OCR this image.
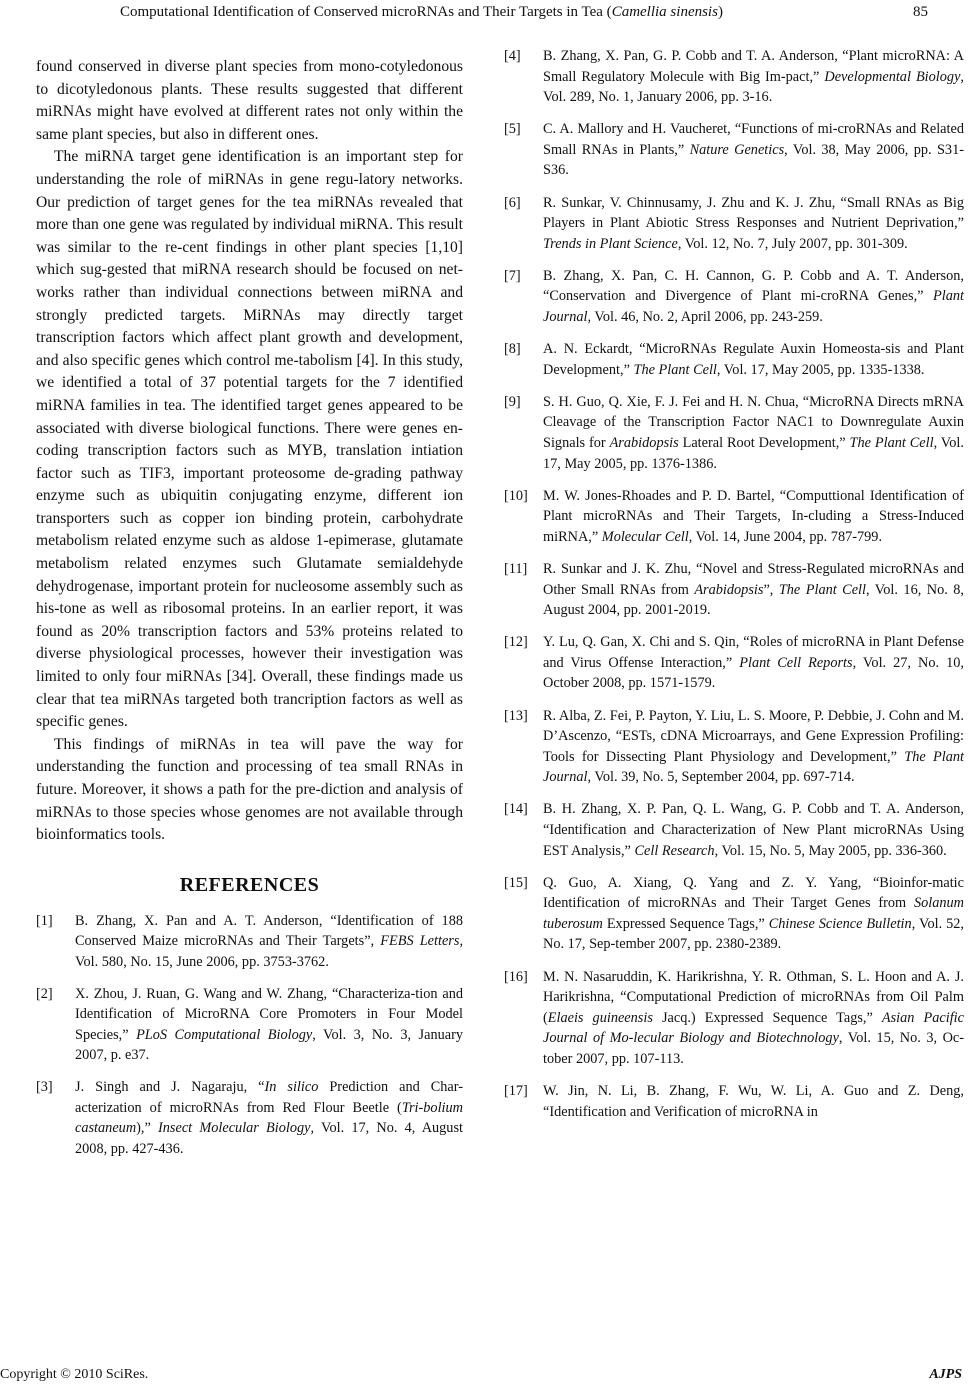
Computational Identification of Conserved microRNAs and Their Targets in Tea (Camellia sinensis)	85

found conserved in diverse plant species from mono-cotyledonous to dicotyledonous plants. These results suggested that different miRNAs might have evolved at different rates not only within the same plant species, but also in different ones.

The miRNA target gene identification is an important step for understanding the role of miRNAs in gene regu-latory networks. Our prediction of target genes for the tea miRNAs revealed that more than one gene was regulated by individual miRNA. This result was similar to the re-cent findings in other plant species [1,10] which sug-gested that miRNA research should be focused on net-works rather than individual connections between miRNA and strongly predicted targets. MiRNAs may directly target transcription factors which affect plant growth and development, and also specific genes which control me-tabolism [4]. In this study, we identified a total of 37 potential targets for the 7 identified miRNA families in tea. The identified target genes appeared to be associated with diverse biological functions. There were genes en-coding transcription factors such as MYB, translation intiation factor such as TIF3, important proteosome de-grading pathway enzyme such as ubiquitin conjugating enzyme, different ion transporters such as copper ion binding protein, carbohydrate metabolism related enzyme such as aldose 1-epimerase, glutamate metabolism related enzymes such Glutamate semialdehyde dehydrogenase, important protein for nucleosome assembly such as his-tone as well as ribosomal proteins. In an earlier report, it was found as 20% transcription factors and 53% proteins related to diverse physiological processes, however their investigation was limited to only four miRNAs [34]. Overall, these findings made us clear that tea miRNAs targeted both trancription factors as well as specific genes.

This findings of miRNAs in tea will pave the way for understanding the function and processing of tea small RNAs in future. Moreover, it shows a path for the pre-diction and analysis of miRNAs to those species whose genomes are not available through bioinformatics tools.

REFERENCES
[1] B. Zhang, X. Pan and A. T. Anderson, “Identification of 188 Conserved Maize microRNAs and Their Targets”, FEBS Letters, Vol. 580, No. 15, June 2006, pp. 3753-3762.
[2] X. Zhou, J. Ruan, G. Wang and W. Zhang, “Characteriza-tion and Identification of MicroRNA Core Promoters in Four Model Species,” PLoS Computational Biology, Vol. 3, No. 3, January 2007, p. e37.
[3] J. Singh and J. Nagaraju, “In silico Prediction and Char-acterization of microRNAs from Red Flour Beetle (Tri-bolium castaneum),” Insect Molecular Biology, Vol. 17, No. 4, August 2008, pp. 427-436.
[4] B. Zhang, X. Pan, G. P. Cobb and T. A. Anderson, “Plant microRNA: A Small Regulatory Molecule with Big Im-pact,” Developmental Biology, Vol. 289, No. 1, January 2006, pp. 3-16.
[5] C. A. Mallory and H. Vaucheret, “Functions of mi-croRNAs and Related Small RNAs in Plants,” Nature Genetics, Vol. 38, May 2006, pp. S31-S36.
[6] R. Sunkar, V. Chinnusamy, J. Zhu and K. J. Zhu, “Small RNAs as Big Players in Plant Abiotic Stress Responses and Nutrient Deprivation,” Trends in Plant Science, Vol. 12, No. 7, July 2007, pp. 301-309.
[7] B. Zhang, X. Pan, C. H. Cannon, G. P. Cobb and A. T. Anderson, “Conservation and Divergence of Plant mi-croRNA Genes,” Plant Journal, Vol. 46, No. 2, April 2006, pp. 243-259.
[8] A. N. Eckardt, “MicroRNAs Regulate Auxin Homeosta-sis and Plant Development,” The Plant Cell, Vol. 17, May 2005, pp. 1335-1338.
[9] S. H. Guo, Q. Xie, F. J. Fei and H. N. Chua, “MicroRNA Directs mRNA Cleavage of the Transcription Factor NAC1 to Downregulate Auxin Signals for Arabidopsis Lateral Root Development,” The Plant Cell, Vol. 17, May 2005, pp. 1376-1386.
[10] M. W. Jones-Rhoades and P. D. Bartel, “Computtional Identification of Plant microRNAs and Their Targets, In-cluding a Stress-Induced miRNA,” Molecular Cell, Vol. 14, June 2004, pp. 787-799.
[11] R. Sunkar and J. K. Zhu, “Novel and Stress-Regulated microRNAs and Other Small RNAs from Arabidopsis”, The Plant Cell, Vol. 16, No. 8, August 2004, pp. 2001-2019.
[12] Y. Lu, Q. Gan, X. Chi and S. Qin, “Roles of microRNA in Plant Defense and Virus Offense Interaction,” Plant Cell Reports, Vol. 27, No. 10, October 2008, pp. 1571-1579.
[13] R. Alba, Z. Fei, P. Payton, Y. Liu, L. S. Moore, P. Debbie, J. Cohn and M. D’Ascenzo, “ESTs, cDNA Microarrays, and Gene Expression Profiling: Tools for Dissecting Plant Physiology and Development,” The Plant Journal, Vol. 39, No. 5, September 2004, pp. 697-714.
[14] B. H. Zhang, X. P. Pan, Q. L. Wang, G. P. Cobb and T. A. Anderson, “Identification and Characterization of New Plant microRNAs Using EST Analysis,” Cell Research, Vol. 15, No. 5, May 2005, pp. 336-360.
[15] Q. Guo, A. Xiang, Q. Yang and Z. Y. Yang, “Bioinfor-matic Identification of microRNAs and Their Target Genes from Solanum tuberosum Expressed Sequence Tags,” Chinese Science Bulletin, Vol. 52, No. 17, Sep-tember 2007, pp. 2380-2389.
[16] M. N. Nasaruddin, K. Harikrishna, Y. R. Othman, S. L. Hoon and A. J. Harikrishna, “Computational Prediction of microRNAs from Oil Palm (Elaeis guineensis Jacq.) Expressed Sequence Tags,” Asian Pacific Journal of Mo-lecular Biology and Biotechnology, Vol. 15, No. 3, Oc-tober 2007, pp. 107-113.
[17] W. Jin, N. Li, B. Zhang, F. Wu, W. Li, A. Guo and Z. Deng, “Identification and Verification of microRNA in
Copyright © 2010 SciRes.	AJPS
